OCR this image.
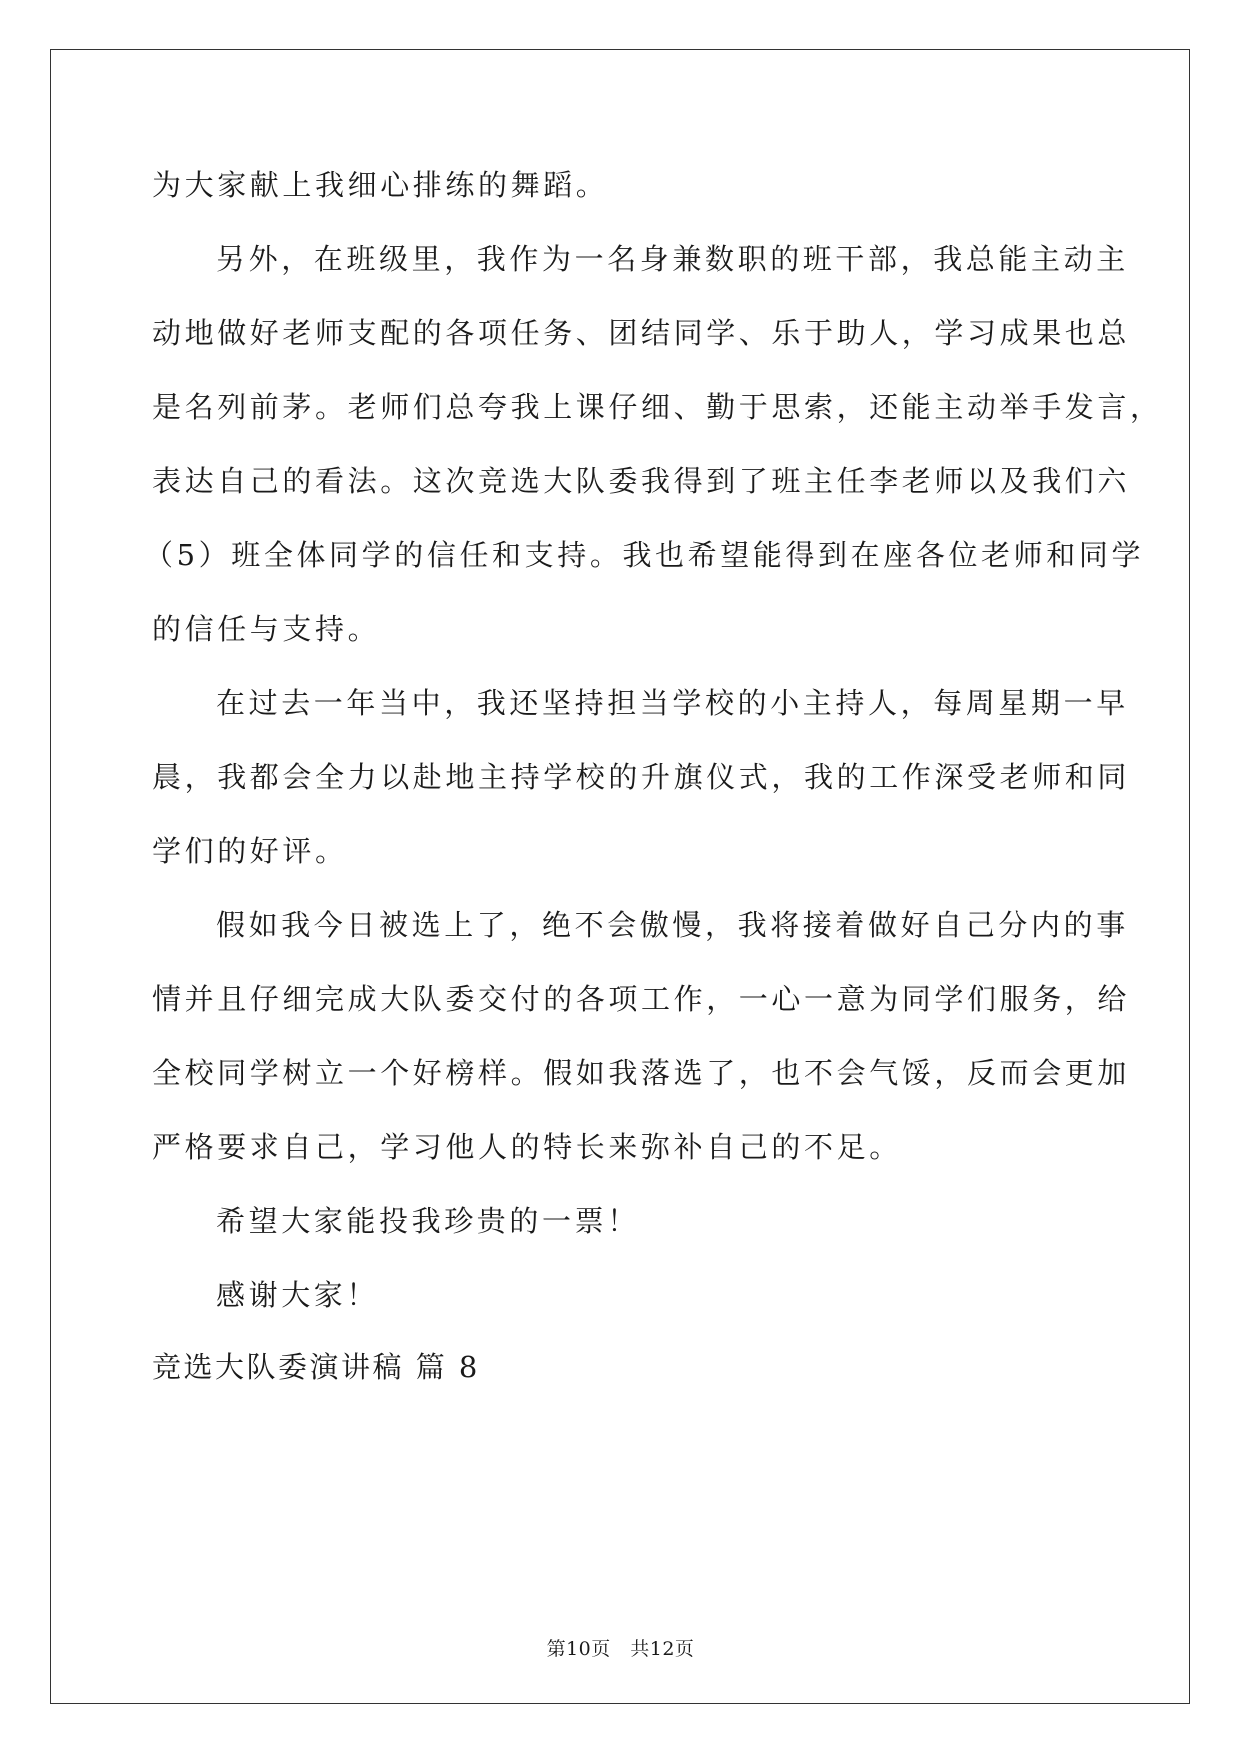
为大家献上我细心排练的舞蹈。
另外，在班级里，我作为一名身兼数职的班干部，我总能主动主
动地做好老师支配的各项任务、团结同学、乐于助人，学习成果也总
是名列前茅。老师们总夸我上课仔细、勤于思索，还能主动举手发言，
表达自己的看法。这次竞选大队委我得到了班主任李老师以及我们六
（5）班全体同学的信任和支持。我也希望能得到在座各位老师和同学
的信任与支持。
在过去一年当中，我还坚持担当学校的小主持人，每周星期一早
晨，我都会全力以赴地主持学校的升旗仪式，我的工作深受老师和同
学们的好评。
假如我今日被选上了，绝不会傲慢，我将接着做好自己分内的事
情并且仔细完成大队委交付的各项工作，一心一意为同学们服务，给
全校同学树立一个好榜样。假如我落选了，也不会气馁，反而会更加
严格要求自己，学习他人的特长来弥补自己的不足。
希望大家能投我珍贵的一票！
感谢大家！
竞选大队委演讲稿 篇 8
第10页　共12页
